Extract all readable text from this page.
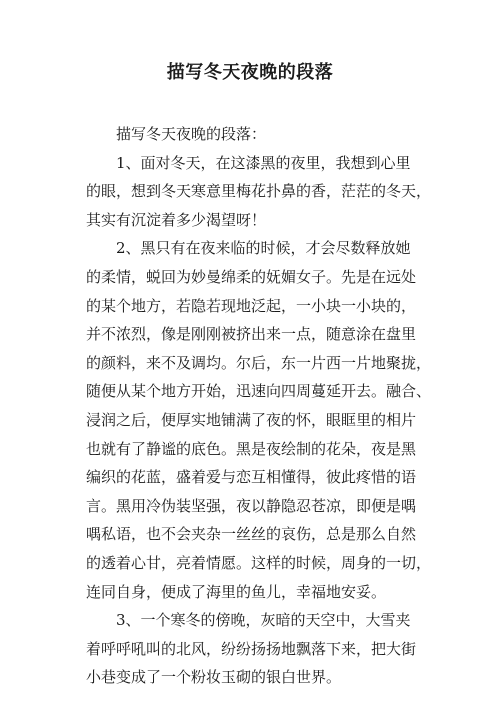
描写冬天夜晚的段落
描写冬天夜晚的段落：
1、面对冬天，在这漆黑的夜里，我想到心里
的眼，想到冬天寒意里梅花扑鼻的香，茫茫的冬天，
其实有沉淀着多少渴望呀！
2、黑只有在夜来临的时候，才会尽数释放她
的柔情，蜕回为妙曼绵柔的妩媚女子。先是在远处
的某个地方，若隐若现地泛起，一小块一小块的，
并不浓烈，像是刚刚被挤出来一点，随意涂在盘里
的颜料，来不及调均。尔后，东一片西一片地聚拢，
随便从某个地方开始，迅速向四周蔓延开去。融合、
浸润之后，便厚实地铺满了夜的怀，眼眶里的相片
也就有了静谧的底色。黑是夜绘制的花朵，夜是黑
编织的花蓝，盛着爱与恋互相懂得，彼此疼惜的语
言。黑用冷伪装坚强，夜以静隐忍苍凉，即便是喁
喁私语，也不会夹杂一丝丝的哀伤，总是那么自然
的透着心甘，亮着情愿。这样的时候，周身的一切，
连同自身，便成了海里的鱼儿，幸福地安妥。
3、一个寒冬的傍晚，灰暗的天空中，大雪夹
着呼呼吼叫的北风，纷纷扬扬地飘落下来，把大街
小巷变成了一个粉妆玉砌的银白世界。
